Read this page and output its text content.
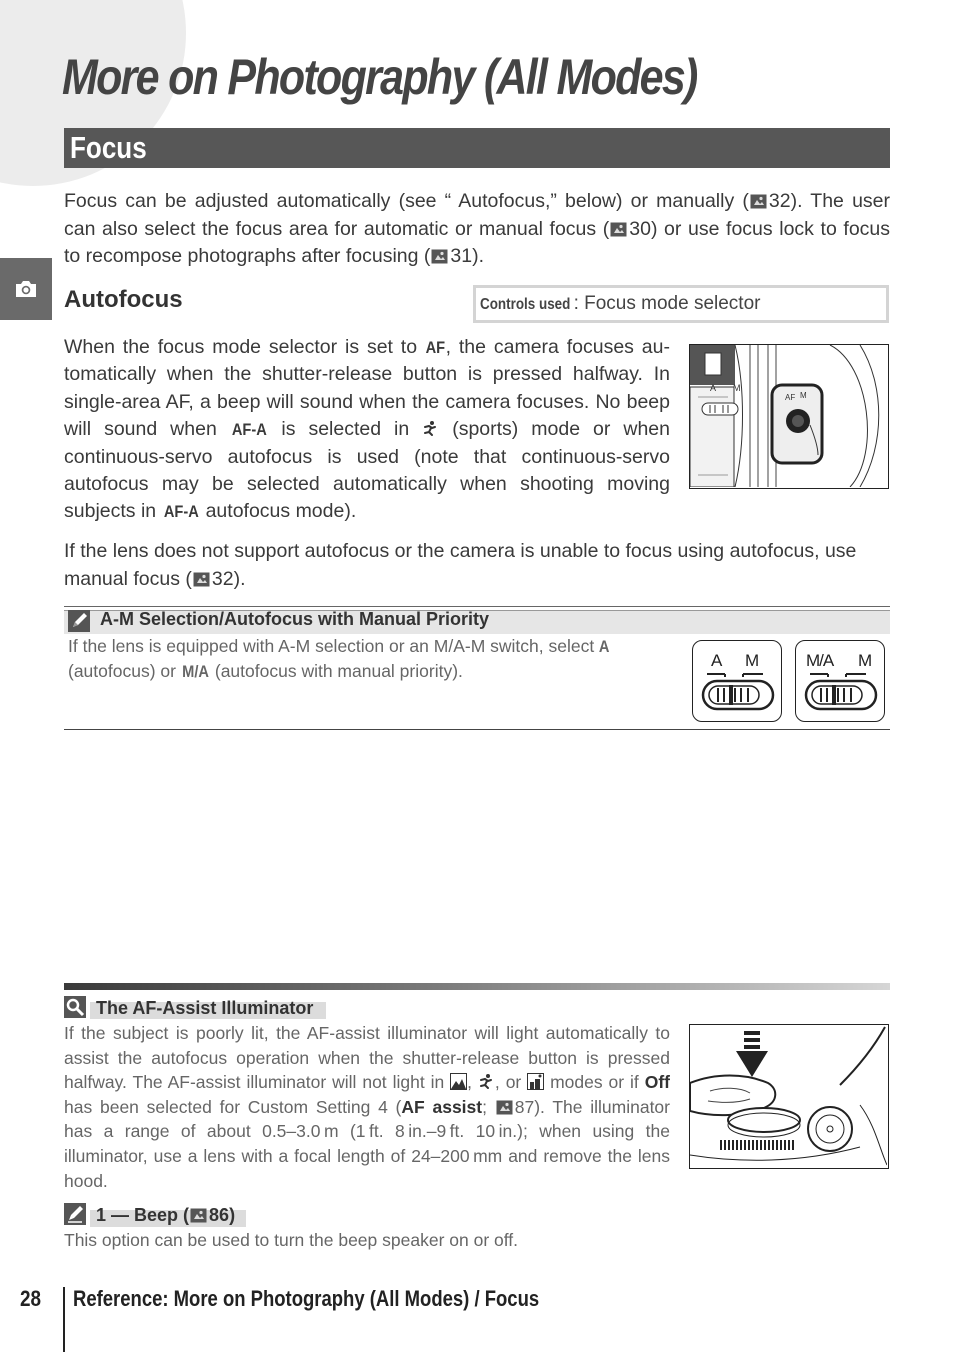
More on Photography (All Modes)
Focus

Focus can be adjusted automatically (see “ Autofocus,” below) or manually ( 32). The user can also select the focus area for automatic or manual focus ( 30) or use focus lock to focus to recompose photographs after focusing ( 31).

Autofocus	Controls used : Focus mode selector

When the focus mode selector is set to AF, the camera focuses automatically when the shutter-release button is pressed halfway. In single-area AF, a beep will sound when the camera focuses. No beep will sound when AF-A is selected in  (sports) mode or when continuous-servo autofocus is used (note that continuous-servo autofocus may be selected automatically when shooting moving subjects in AF-A autofocus mode).

A M
AF M

If the lens does not support autofocus or the camera is unable to focus using autofocus, use manual focus ( 32).

A-M Selection/Autofocus with Manual Priority

If the lens is equipped with A-M selection or an M/A-M switch, select A (autofocus) or M/A (autofocus with manual priority).

A M	M/A M
The AF-Assist Illuminator

If the subject is poorly lit, the AF-assist illuminator will light automatically to assist the autofocus operation when the shutter-release button is pressed halfway. The AF-assist illuminator will not light in , , or  modes or if Off has been selected for Custom Setting 4 (AF assist; 87). The illuminator has a range of about 0.5–3.0 m (1 ft. 8 in.–9 ft. 10 in.); when using the illuminator, use a lens with a focal length of 24–200 mm and remove the lens hood.

1 — Beep ( 86)

This option can be used to turn the beep speaker on or off.

28 Reference: More on Photography (All Modes) / Focus
